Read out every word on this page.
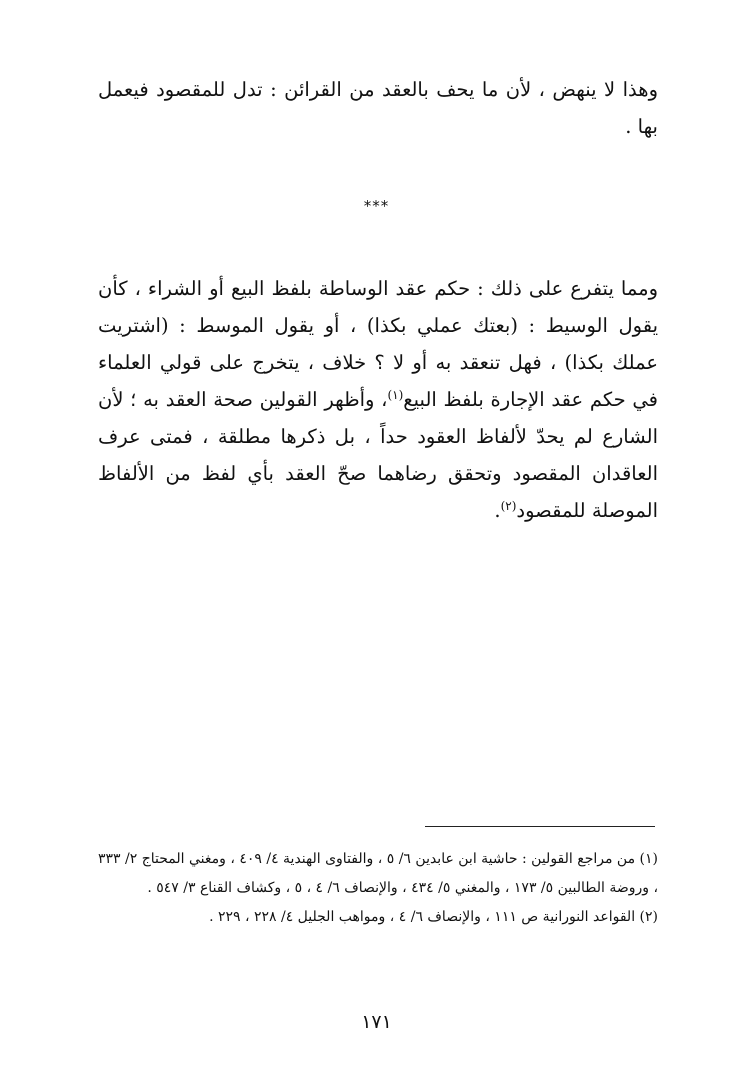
وهذا لا ينهض ، لأن ما يحف بالعقد من القرائن : تدل للمقصود فيعمل بها .

***

ومما يتفرع على ذلك : حكم عقد الوساطة بلفظ البيع أو الشراء ، كأن يقول الوسيط : (بعتك عملي بكذا) ، أو يقول الموسط : (اشتريت عملك بكذا) ، فهل تنعقد به أو لا ؟ خلاف ، يتخرج على قولي العلماء في حكم عقد الإجارة بلفظ البيع$^{(١)}$، وأظهر القولين صحة العقد به ؛ لأن الشارع لم يحدّ لألفاظ العقود حداً ، بل ذكرها مطلقة ، فمتى عرف العاقدان المقصود وتحقق رضاهما صحّ العقد بأي لفظ من الألفاظ الموصلة للمقصود$^{(٢)}$.

(١) من مراجع القولين : حاشية ابن عابدين ٦/ ٥ ، والفتاوى الهندية ٤/ ٤٠٩ ، ومغني المحتاج ٢/ ٣٣٣ ، وروضة الطالبين ٥/ ١٧٣ ، والمغني ٥/ ٤٣٤ ، والإنصاف ٦/ ٤ ، ٥ ، وكشاف القناع ٣/ ٥٤٧ .

(٢) القواعد النورانية ص ١١١ ، والإنصاف ٦/ ٤ ، ومواهب الجليل ٤/ ٢٢٨ ، ٢٢٩ .

١٧١
